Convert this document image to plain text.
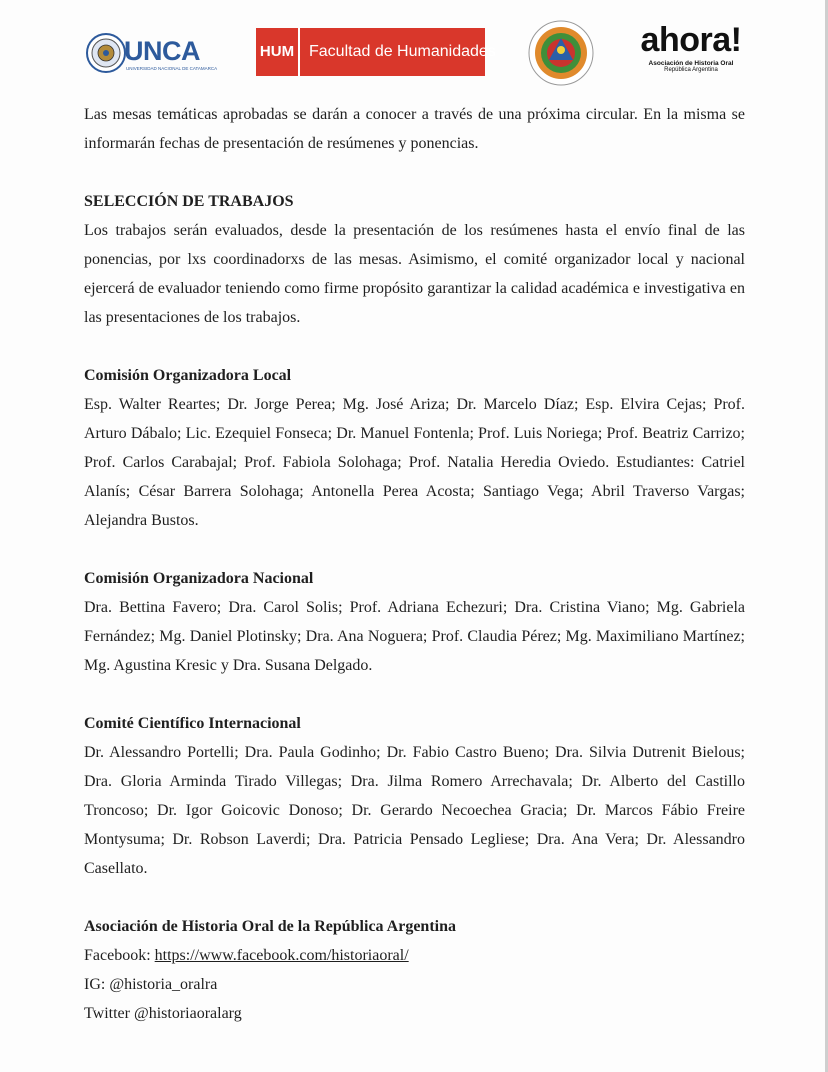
UNCA
UNIVERSIDAD NACIONAL DE CATAMARCA
HUM Facultad de Humanidades	ahora!
Asociación de Historia Oral
República Argentina

Las mesas temáticas aprobadas se darán a conocer a través de una próxima circular. En la misma se informarán fechas de presentación de resúmenes y ponencias.

SELECCIÓN DE TRABAJOS

Los trabajos serán evaluados, desde la presentación de los resúmenes hasta el envío final de las ponencias, por lxs coordinadorxs de las mesas. Asimismo, el comité organizador local y nacional ejercerá de evaluador teniendo como firme propósito garantizar la calidad académica e investigativa en las presentaciones de los trabajos.

Comisión Organizadora Local

Esp. Walter Reartes; Dr. Jorge Perea; Mg. José Ariza; Dr. Marcelo Díaz; Esp. Elvira Cejas; Prof. Arturo Dábalo; Lic. Ezequiel Fonseca; Dr. Manuel Fontenla; Prof. Luis Noriega; Prof. Beatriz Carrizo; Prof. Carlos Carabajal; Prof. Fabiola Solohaga; Prof. Natalia Heredia Oviedo. Estudiantes: Catriel Alanís; César Barrera Solohaga; Antonella Perea Acosta; Santiago Vega; Abril Traverso Vargas; Alejandra Bustos.

Comisión Organizadora Nacional

Dra. Bettina Favero; Dra. Carol Solis; Prof. Adriana Echezuri; Dra. Cristina Viano; Mg. Gabriela Fernández; Mg. Daniel Plotinsky; Dra. Ana Noguera; Prof. Claudia Pérez; Mg. Maximiliano Martínez; Mg. Agustina Kresic y Dra. Susana Delgado.

Comité Científico Internacional

Dr. Alessandro Portelli; Dra. Paula Godinho; Dr. Fabio Castro Bueno; Dra. Silvia Dutrenit Bielous; Dra. Gloria Arminda Tirado Villegas; Dra. Jilma Romero Arrechavala; Dr. Alberto del Castillo Troncoso; Dr. Igor Goicovic Donoso; Dr. Gerardo Necoechea Gracia; Dr. Marcos Fábio Freire Montysuma; Dr. Robson Laverdi; Dra. Patricia Pensado Legliese; Dra. Ana Vera; Dr. Alessandro Casellato.

Asociación de Historia Oral de la República Argentina

Facebook: https://www.facebook.com/historiaoral/

IG: @historia_oralra

Twitter @historiaoralarg
